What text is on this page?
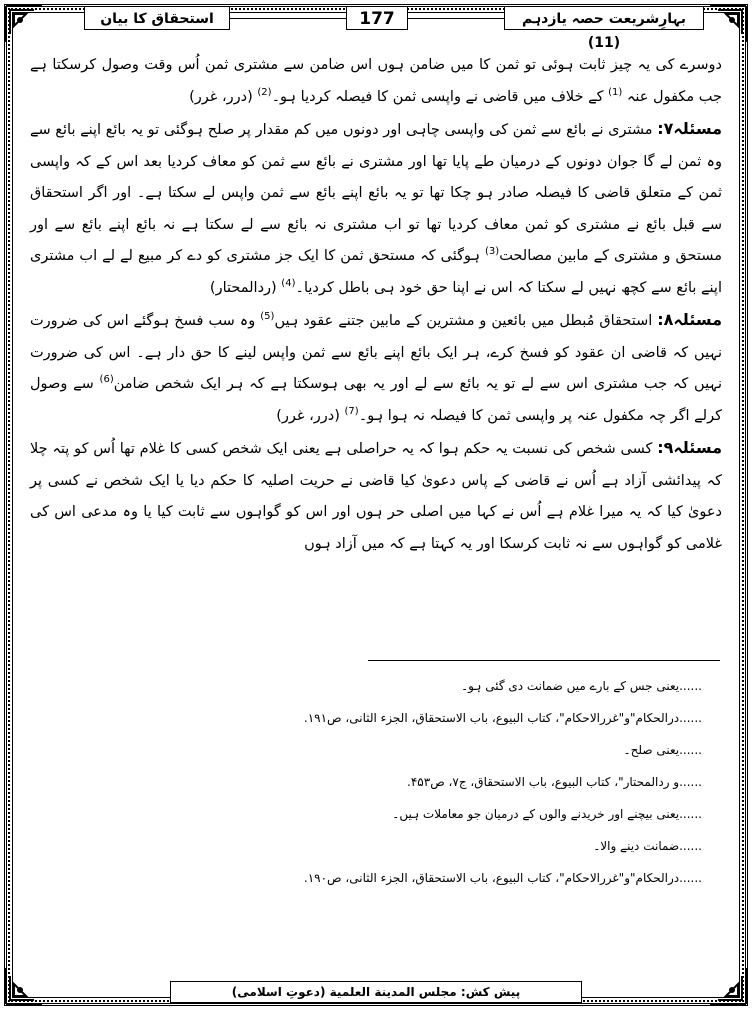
بہارِشریعت حصہ یازدہم (11)
177
استحقاق کا بیان

دوسرے کی یہ چیز ثابت ہوئی تو ثمن کا میں ضامن ہوں اس ضامن سے مشتری ثمن اُس وقت وصول کرسکتا ہے جب مکفول عنہ $^{(1)}$ کے خلاف میں قاضی نے واپسی ثمن کا فیصلہ کردیا ہو۔$^{(2)}$ (درر، غرر)

مسئلہ۷: مشتری نے بائع سے ثمن کی واپسی چاہی اور دونوں میں کم مقدار پر صلح ہوگئی تو یہ بائع اپنے بائع سے وہ ثمن لے گا جوان دونوں کے درمیان طے پایا تھا اور مشتری نے بائع سے ثمن کو معاف کردیا بعد اس کے کہ واپسی ثمن کے متعلق قاضی کا فیصلہ صادر ہو چکا تھا تو یہ بائع اپنے بائع سے ثمن واپس لے سکتا ہے۔ اور اگر استحقاق سے قبل بائع نے مشتری کو ثمن معاف کردیا تھا تو اب مشتری نہ بائع سے لے سکتا ہے نہ بائع اپنے بائع سے اور مستحق و مشتری کے مابین مصالحت$^{(3)}$ ہوگئی کہ مستحق ثمن کا ایک جز مشتری کو دے کر مبیع لے لے اب مشتری اپنے بائع سے کچھ نہیں لے سکتا کہ اس نے اپنا حق خود ہی باطل کردیا۔$^{(4)}$ (ردالمحتار)

مسئلہ۸: استحقاق مُبطل میں بائعین و مشترین کے مابین جتنے عقود ہیں$^{(5)}$ وہ سب فسخ ہوگئے اس کی ضرورت نہیں کہ قاضی ان عقود کو فسخ کرے، ہر ایک بائع اپنے بائع سے ثمن واپس لینے کا حق دار ہے۔ اس کی ضرورت نہیں کہ جب مشتری اس سے لے تو یہ بائع سے لے اور یہ بھی ہوسکتا ہے کہ ہر ایک شخص ضامن$^{(6)}$ سے وصول کرلے اگر چہ مکفول عنہ پر واپسی ثمن کا فیصلہ نہ ہوا ہو۔$^{(7)}$ (درر، غرر)

مسئلہ۹: کسی شخص کی نسبت یہ حکم ہوا کہ یہ حراصلی ہے یعنی ایک شخص کسی کا غلام تھا اُس کو پتہ چلا کہ پیدائشی آزاد ہے اُس نے قاضی کے پاس دعویٰ کیا قاضی نے حریت اصلیہ کا حکم دیا یا ایک شخص نے کسی پر دعویٰ کیا کہ یہ میرا غلام ہے اُس نے کہا میں اصلی حر ہوں اور اس کو گواہوں سے ثابت کیا یا وہ مدعی اس کی غلامی کو گواہوں سے نہ ثابت کرسکا اور یہ کہتا ہے کہ میں آزاد ہوں

......یعنی جس کے بارے میں ضمانت دی گئی ہو۔

......درالحکام"و"غررالاحکام"، کتاب البیوع، باب الاستحقاق، الجزء الثانی، ص۱۹۱.

......یعنی صلح۔

......و ردالمحتار"، کتاب البیوع، باب الاستحقاق، ج۷، ص۴۵۳.

......یعنی بیچنے اور خریدنے والوں کے درمیان جو معاملات ہیں۔

......ضمانت دینے والا۔

......درالحکام"و"غررالاحکام"، کتاب البیوع، باب الاستحقاق، الجزء الثانی، ص۱۹۰.

پیش کش: مجلس المدینة العلمیة (دعوتِ اسلامی)
